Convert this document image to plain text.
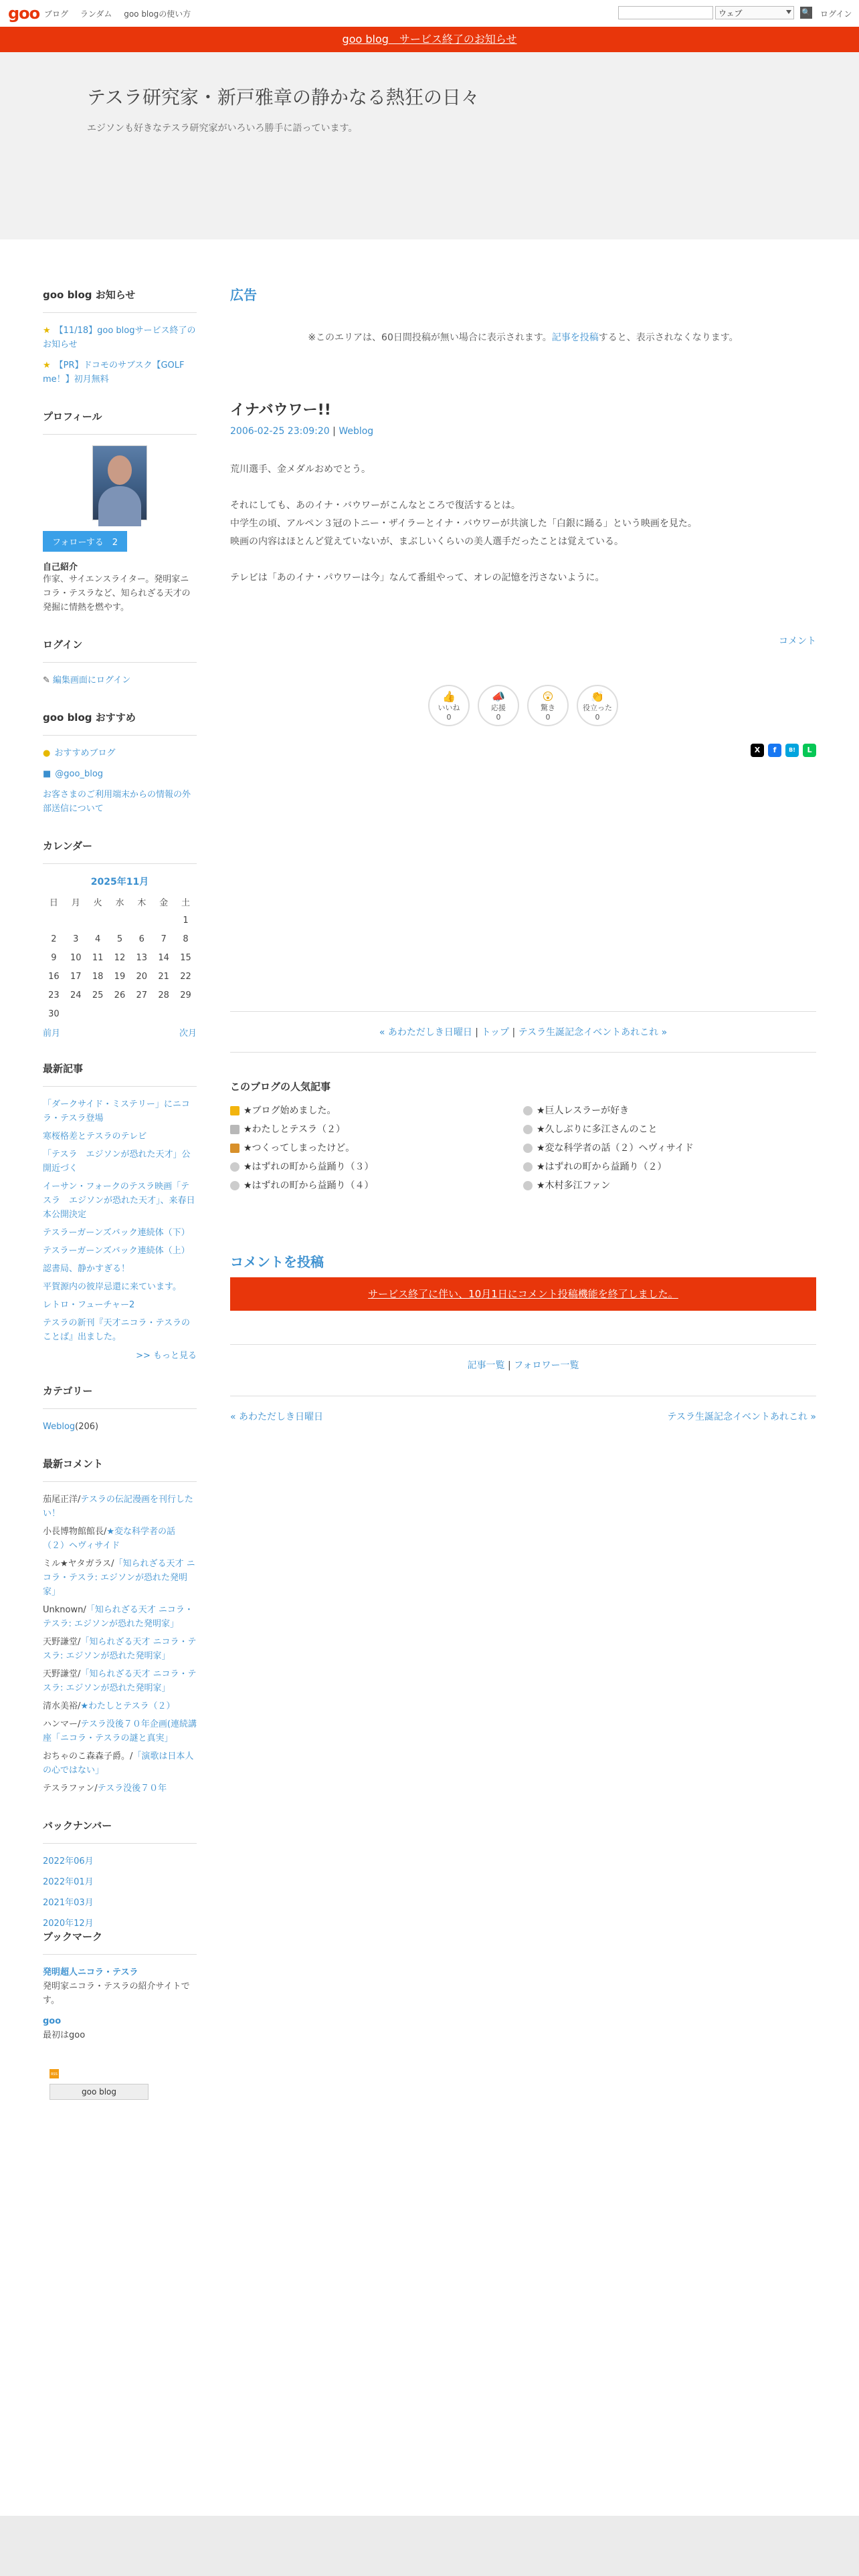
goo ブログ ランダム goo blogの使い方	ウェブ	🔍 ログイン
goo blog　サービス終了のお知らせ
テスラ研究家・新戸雅章の静かなる熱狂の日々
エジソンも好きなテスラ研究家がいろいろ勝手に語っています。
goo blog お知らせ
★ 【11/18】goo blogサービス終了のお知らせ
★ 【PR】ドコモのサブスク【GOLF me！】初月無料
プロフィール
フォローする　 2
自己紹介
作家、サイエンスライター。発明家ニコラ・テスラなど、知られざる天才の発掘に情熱を燃やす。
ログイン
✎ 編集画面にログイン
goo blog おすすめ
● おすすめブログ
■ @goo_blog
お客さまのご利用端末からの情報の外部送信について
カレンダー
2025年11月
日	月	火	水	木	金	土
						1
2	3	4	5	6	7	8
9	10	11	12	13	14	15
16	17	18	19	20	21	22
23	24	25	26	27	28	29
30						
前月	次月
最新記事
「ダークサイド・ミステリー」にニコラ・テスラ登場
寒桜格差とテスラのテレビ
「テスラ　エジソンが恐れた天才」公開近づく
イーサン・フォークのテスラ映画「テスラ　エジソンが恐れた天才」、来春日本公開決定
テスラーガーンズバック連続体（下）
テスラーガーンズバック連続体（上）
認書局、静かすぎる！
平賀源内の彼岸忌還に来ています。
レトロ・フューチャー2
テスラの新刊『天才ニコラ・テスラのことば』出ました。
>> もっと見る
カテゴリー
Weblog(206)
最新コメント
茄尾正洋/テスラの伝記漫画を刊行したい！
小長博物館館長/★変な科学者の話（２）ヘヴィサイド
ミル★ヤタガラス/「知られざる天才 ニコラ・テスラ: エジソンが恐れた発明家」
Unknown/「知られざる天才 ニコラ・テスラ: エジソンが恐れた発明家」
天野謙堂/「知られざる天才 ニコラ・テスラ: エジソンが恐れた発明家」
天野謙堂/「知られざる天才 ニコラ・テスラ: エジソンが恐れた発明家」
清水美裕/★わたしとテスラ（２）
ハンマー/テスラ没後７０年企画(連続講座「ニコラ・テスラの謎と真実」
おちゃのこ森森子爵。/「演歌は日本人の心ではない」
テスラファン/テスラ没後７０年
バックナンバー
2022年06月
2022年01月
2021年03月
2020年12月
ブックマーク
発明超人ニコラ・テスラ
発明家ニコラ・テスラの紹介サイトです。
goo
最初はgoo
RSS
goo blog
広告
※このエリアは、60日間投稿が無い場合に表示されます。記事を投稿すると、表示されなくなります。
イナバウワー!!
2006-02-25 23:09:20 | Weblog

荒川選手、金メダルおめでとう。

それにしても、あのイナ・バウワーがこんなところで復活するとは。

中学生の頃、アルペン３冠のトニー・ザイラーとイナ・バウワーが共演した「白銀に踊る」という映画を見た。

映画の内容はほとんど覚えていないが、まぶしいくらいの美人選手だったことは覚えている。

テレビは「あのイナ・パウワーは今」なんて番組やって、オレの記憶を汚さないように。

コメント
👍
いいね
0
📣
応援
0
😲
驚き
0
👏
役立った
0
X	f	B!	L
« あわただしき日曜日 | トップ | テスラ生誕記念イベントあれこれ »
このブログの人気記事
★ブログ始めました。	★巨人レスラーが好き
★わたしとテスラ（２）	★久しぶりに多江さんのこと
★つくってしまったけど。	★変な科学者の話（２）ヘヴィサイド
★はずれの町から益踊り（３）	★はずれの町から益踊り（２）
★はずれの町から益踊り（４）	★木村多江ファン
コメントを投稿
サービス終了に伴い、10月1日にコメント投稿機能を終了しました。
記事一覧 | フォロワー一覧
« あわただしき日曜日	テスラ生誕記念イベントあれこれ »
